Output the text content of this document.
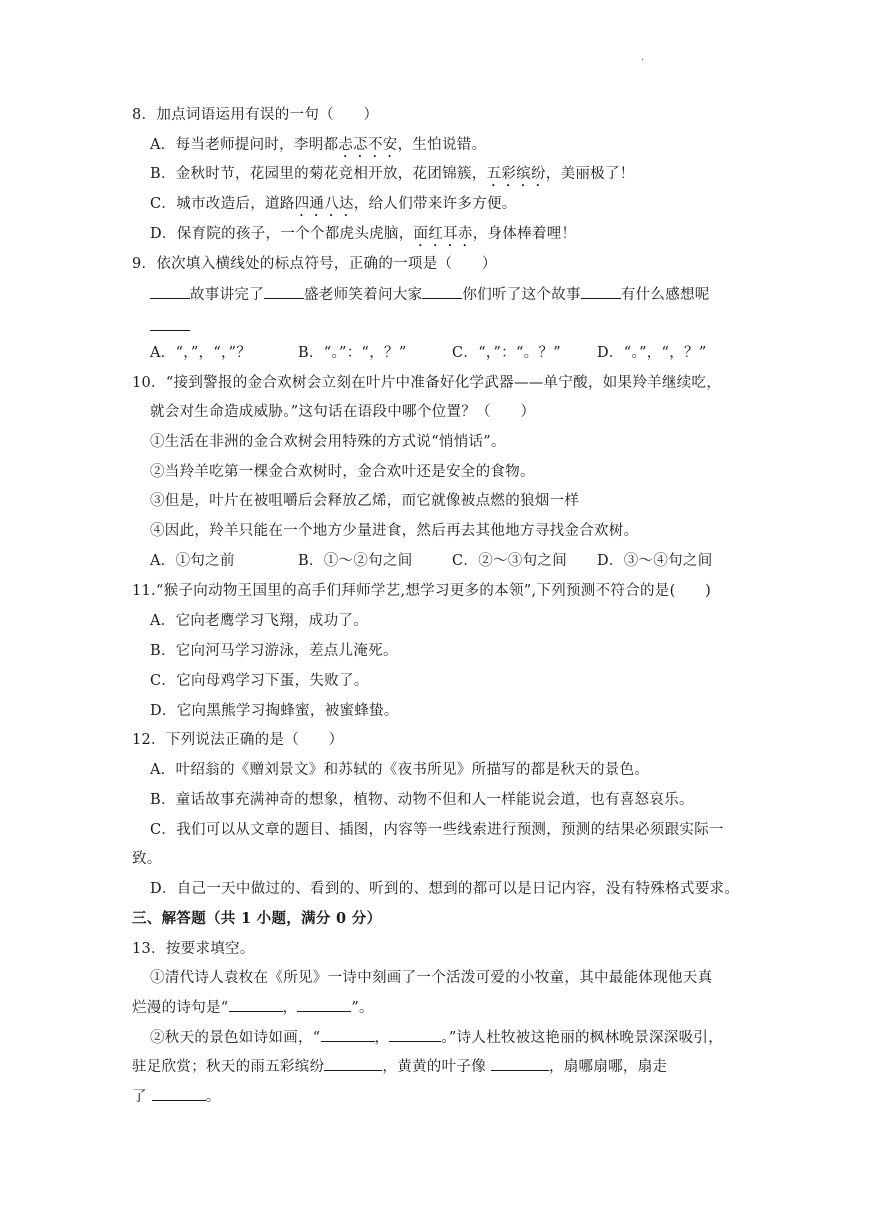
.
8．加点词语运用有误的一句（　　）
A．每当老师提问时，李明都忐忑不安，生怕说错。
B．金秋时节，花园里的菊花竞相开放，花团锦簇，五彩缤纷，美丽极了！
C．城市改造后，道路四通八达，给人们带来许多方便。
D．保育院的孩子，一个个都虎头虎脑，面红耳赤，身体棒着哩！
9．依次填入横线处的标点符号，正确的一项是（　　）
故事讲完了	盛老师笑着问大家	你们听了这个故事	有什么感想呢
A．“，”，“，”？	B．“。”：“，？”	C．“，”：“。？” D．“。”，“，？”
10．“接到警报的金合欢树会立刻在叶片中准备好化学武器——单宁酸，如果羚羊继续吃，
就会对生命造成威胁。”这句话在语段中哪个位置？（　　）
①生活在非洲的金合欢树会用特殊的方式说“悄悄话”。
②当羚羊吃第一棵金合欢树时，金合欢叶还是安全的食物。
③但是，叶片在被咀嚼后会释放乙烯，而它就像被点燃的狼烟一样
④因此，羚羊只能在一个地方少量进食，然后再去其他地方寻找金合欢树。
A．①句之前	B．①～②句之间	C．②～③句之间 D．③～④句之间
11.“猴子向动物王国里的高手们拜师学艺,想学习更多的本领”,下列预测不符合的是(　　)
A．它向老鹰学习飞翔，成功了。
B．它向河马学习游泳，差点儿淹死。
C．它向母鸡学习下蛋，失败了。
D．它向黑熊学习掏蜂蜜，被蜜蜂蛰。
12．下列说法正确的是（　　）
A．叶绍翁的《赠刘景文》和苏轼的《夜书所见》所描写的都是秋天的景色。
B．童话故事充满神奇的想象，植物、动物不但和人一样能说会道，也有喜怒哀乐。
C．我们可以从文章的题目、插图，内容等一些线索进行预测，预测的结果必须跟实际一
致。
D．自己一天中做过的、看到的、听到的、想到的都可以是日记内容，没有特殊格式要求。
三、解答题（共 1 小题，满分 0 分）
13．按要求填空。
①清代诗人袁枚在《所见》一诗中刻画了一个活泼可爱的小牧童，其中最能体现他天真
烂漫的诗句是“	，	”。
②秋天的景色如诗如画，“	，	。”诗人杜牧被这艳丽的枫林晚景深深吸引，
驻足欣赏；秋天的雨五彩缤纷	，黄黄的叶子像	，扇哪扇哪，扇走
了	。
